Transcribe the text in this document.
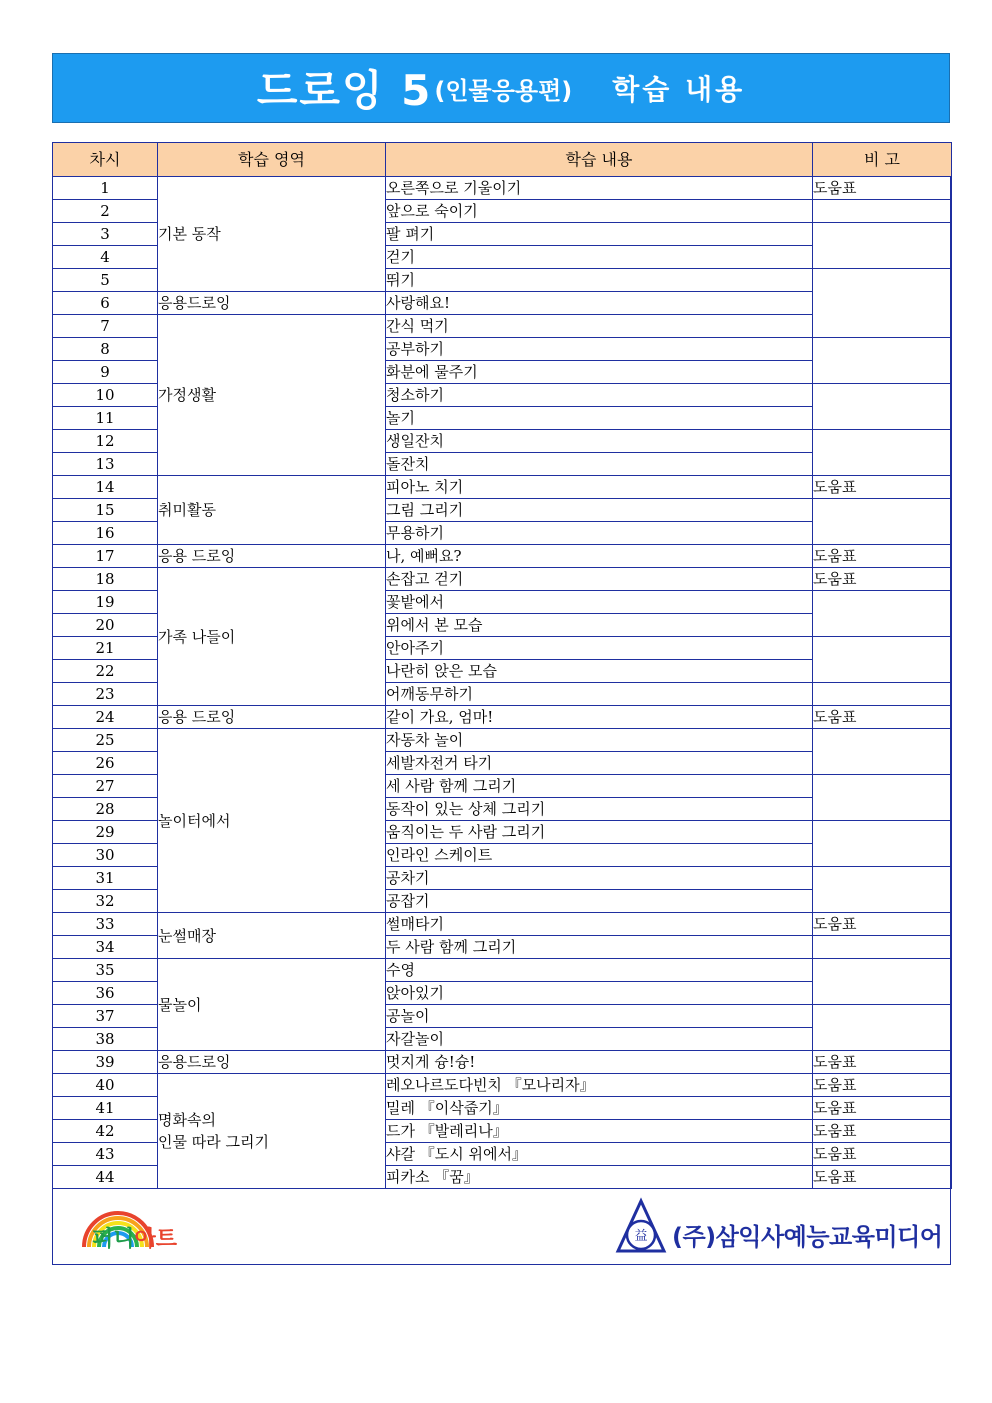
드로잉 5 (인물응용편) 학습 내용
차시	학습 영역	학습 내용	비 고
1	기본 동작	오른쪽으로 기울이기	도움표
2		앞으로 숙이기	
3		팔 펴기	
4		걷기	
5		뛰기	
6	응용드로잉	사랑해요!	
7	가정생활	간식 먹기	
8		공부하기	
9		화분에 물주기	
10		청소하기	
11		놀기	
12		생일잔치	
13		돌잔치	
14	취미활동	피아노 치기	도움표
15		그림 그리기	
16		무용하기	
17	응용 드로잉	나, 예뻐요?	도움표
18	가족 나들이	손잡고 걷기	도움표
19		꽃밭에서	
20		위에서 본 모습	
21		안아주기	
22		나란히 앉은 모습	
23		어깨동무하기	
24	응용 드로잉	같이 가요, 엄마!	도움표
25	놀이터에서	자동차 놀이	
26		세발자전거 타기	
27		세 사람 함께 그리기	
28		동작이 있는 상체 그리기	
29		움직이는 두 사람 그리기	
30		인라인 스케이트	
31		공차기	
32		공잡기	
33	눈썰매장	썰매타기	도움표
34		두 사람 함께 그리기	
35	물놀이	수영	
36		앉아있기	
37		공놀이	
38		자갈놀이	
39	응용드로잉	멋지게 슝!슝!	도움표
40	명화속의
인물 따라 그리기	레오나르도다빈치 『모나리자』	도움표
41		밀레 『이삭줍기』	도움표
42		드가 『발레리나』	도움표
43		샤갈 『도시 위에서』	도움표
44		피카소 『꿈』	도움표
퍼니아트	益 (주)삼익사예능교육미디어
